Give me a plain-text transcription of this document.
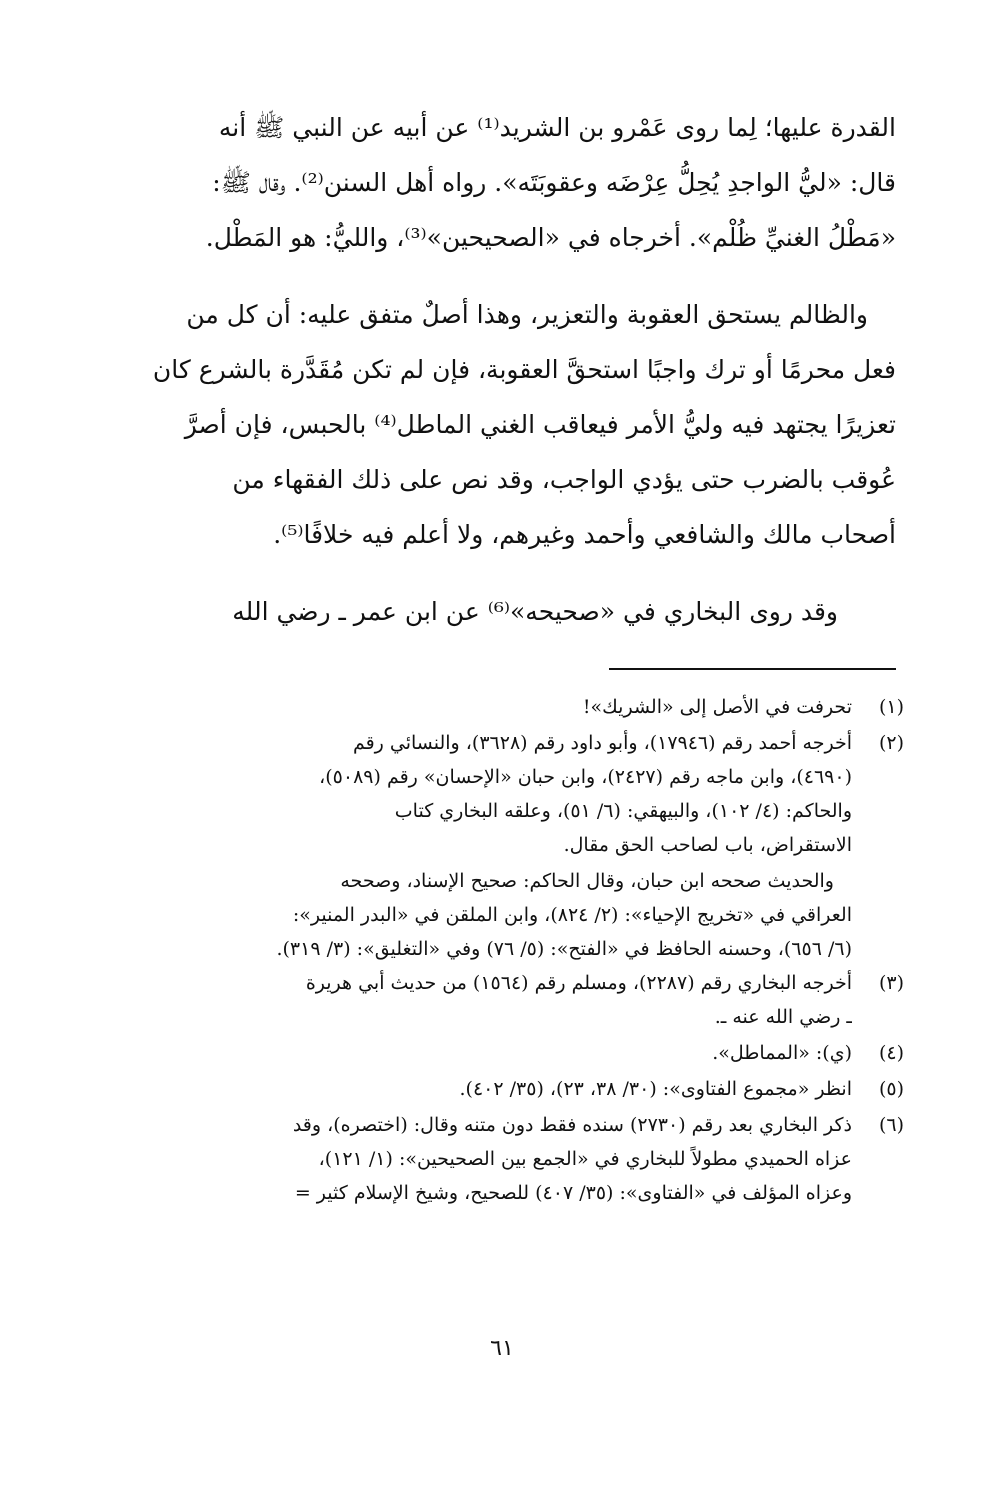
القدرة عليها؛ لِما روى عَمْرو بن الشريد⁽¹⁾ عن أبيه عن النبي ﷺ أنه
قال: «ليُّ الواجدِ يُحِلُّ عِرْضَه وعقوبَتَه». رواه أهل السنن⁽²⁾. وقال ﷺ:
«مَطْلُ الغنيِّ ظُلْم». أخرجاه في «الصحيحين»⁽³⁾، والليُّ: هو المَطْل.

والظالم يستحق العقوبة والتعزير، وهذا أصلٌ متفق عليه: أن كل من
فعل محرمًا أو ترك واجبًا استحقَّ العقوبة، فإن لم تكن مُقَدَّرة بالشرع كان
تعزيرًا يجتهد فيه وليُّ الأمر فيعاقب الغني الماطل⁽⁴⁾ بالحبس، فإن أصرَّ
عُوقب بالضرب حتى يؤدي الواجب، وقد نص على ذلك الفقهاء من
أصحاب مالك والشافعي وأحمد وغيرهم، ولا أعلم فيه خلافًا⁽⁵⁾.

وقد روى البخاري في «صحيحه»⁽⁶⁾ عن ابن عمر ـ رضي الله

(١)
تحرفت في الأصل إلى «الشريك»!
(٢)
أخرجه أحمد رقم (١٧٩٤٦)، وأبو داود رقم (٣٦٢٨)، والنسائي رقم
(٤٦٩٠)، وابن ماجه رقم (٢٤٢٧)، وابن حبان «الإحسان» رقم (٥٠٨٩)،
والحاكم: (٤/ ١٠٢)، والبيهقي: (٦/ ٥١)، وعلقه البخاري كتاب
الاستقراض، باب لصاحب الحق مقال.
والحديث صححه ابن حبان، وقال الحاكم: صحيح الإسناد، وصححه
العراقي في «تخريج الإحياء»: (٢/ ٨٢٤)، وابن الملقن في «البدر المنير»:
(٦/ ٦٥٦)، وحسنه الحافظ في «الفتح»: (٥/ ٧٦) وفي «التغليق»: (٣/ ٣١٩).
(٣)
أخرجه البخاري رقم (٢٢٨٧)، ومسلم رقم (١٥٦٤) من حديث أبي هريرة
ـ رضي الله عنه ـ.
(٤)
(ي): «المماطل».
(٥)
انظر «مجموع الفتاوى»: (٣٠/ ٣٨، ٢٣)، (٣٥/ ٤٠٢).
(٦)
ذكر البخاري بعد رقم (٢٧٣٠) سنده فقط دون متنه وقال: (اختصره)، وقد
عزاه الحميدي مطولاً للبخاري في «الجمع بين الصحيحين»: (١/ ١٢١)،
وعزاه المؤلف في «الفتاوى»: (٣٥/ ٤٠٧) للصحيح، وشيخ الإسلام كثير =
٦١
